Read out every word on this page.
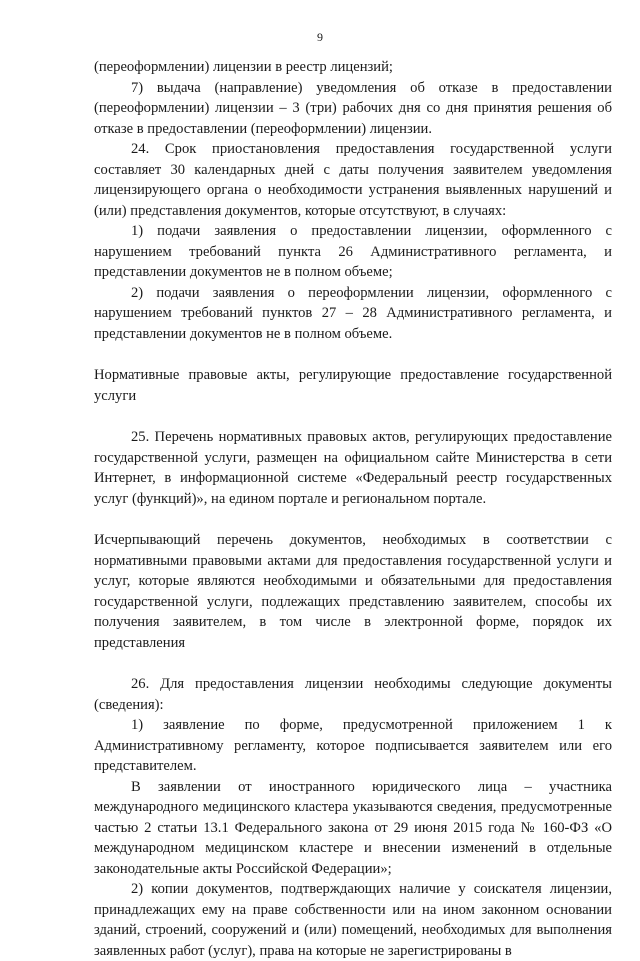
9

(переоформлении) лицензии в реестр лицензий;

7) выдача (направление) уведомления об отказе в предоставлении (переоформлении) лицензии – 3 (три) рабочих дня со дня принятия решения об отказе в предоставлении (переоформлении) лицензии.

24. Срок приостановления предоставления государственной услуги составляет 30 календарных дней с даты получения заявителем уведомления лицензирующего органа о необходимости устранения выявленных нарушений и (или) представления документов, которые отсутствуют, в случаях:

1) подачи заявления о предоставлении лицензии, оформленного с нарушением требований пункта 26 Административного регламента, и представлении документов не в полном объеме;

2) подачи заявления о переоформлении лицензии, оформленного с нарушением требований пунктов 27 – 28 Административного регламента, и представлении документов не в полном объеме.

Нормативные правовые акты, регулирующие предоставление государственной услуги

25. Перечень нормативных правовых актов, регулирующих предоставление государственной услуги, размещен на официальном сайте Министерства в сети Интернет, в информационной системе «Федеральный реестр государственных услуг (функций)», на едином портале и региональном портале.

Исчерпывающий перечень документов, необходимых в соответствии с нормативными правовыми актами для предоставления государственной услуги и услуг, которые являются необходимыми и обязательными для предоставления государственной услуги, подлежащих представлению заявителем, способы их получения заявителем, в том числе в электронной форме, порядок их представления

26. Для предоставления лицензии необходимы следующие документы (сведения):

1) заявление по форме, предусмотренной приложением 1 к Административному регламенту, которое подписывается заявителем или его представителем.

В заявлении от иностранного юридического лица – участника международного медицинского кластера указываются сведения, предусмотренные частью 2 статьи 13.1 Федерального закона от 29 июня 2015 года № 160-ФЗ «О международном медицинском кластере и внесении изменений в отдельные законодательные акты Российской Федерации»;

2) копии документов, подтверждающих наличие у соискателя лицензии, принадлежащих ему на праве собственности или на ином законном основании зданий, строений, сооружений и (или) помещений, необходимых для выполнения заявленных работ (услуг), права на которые не зарегистрированы в
